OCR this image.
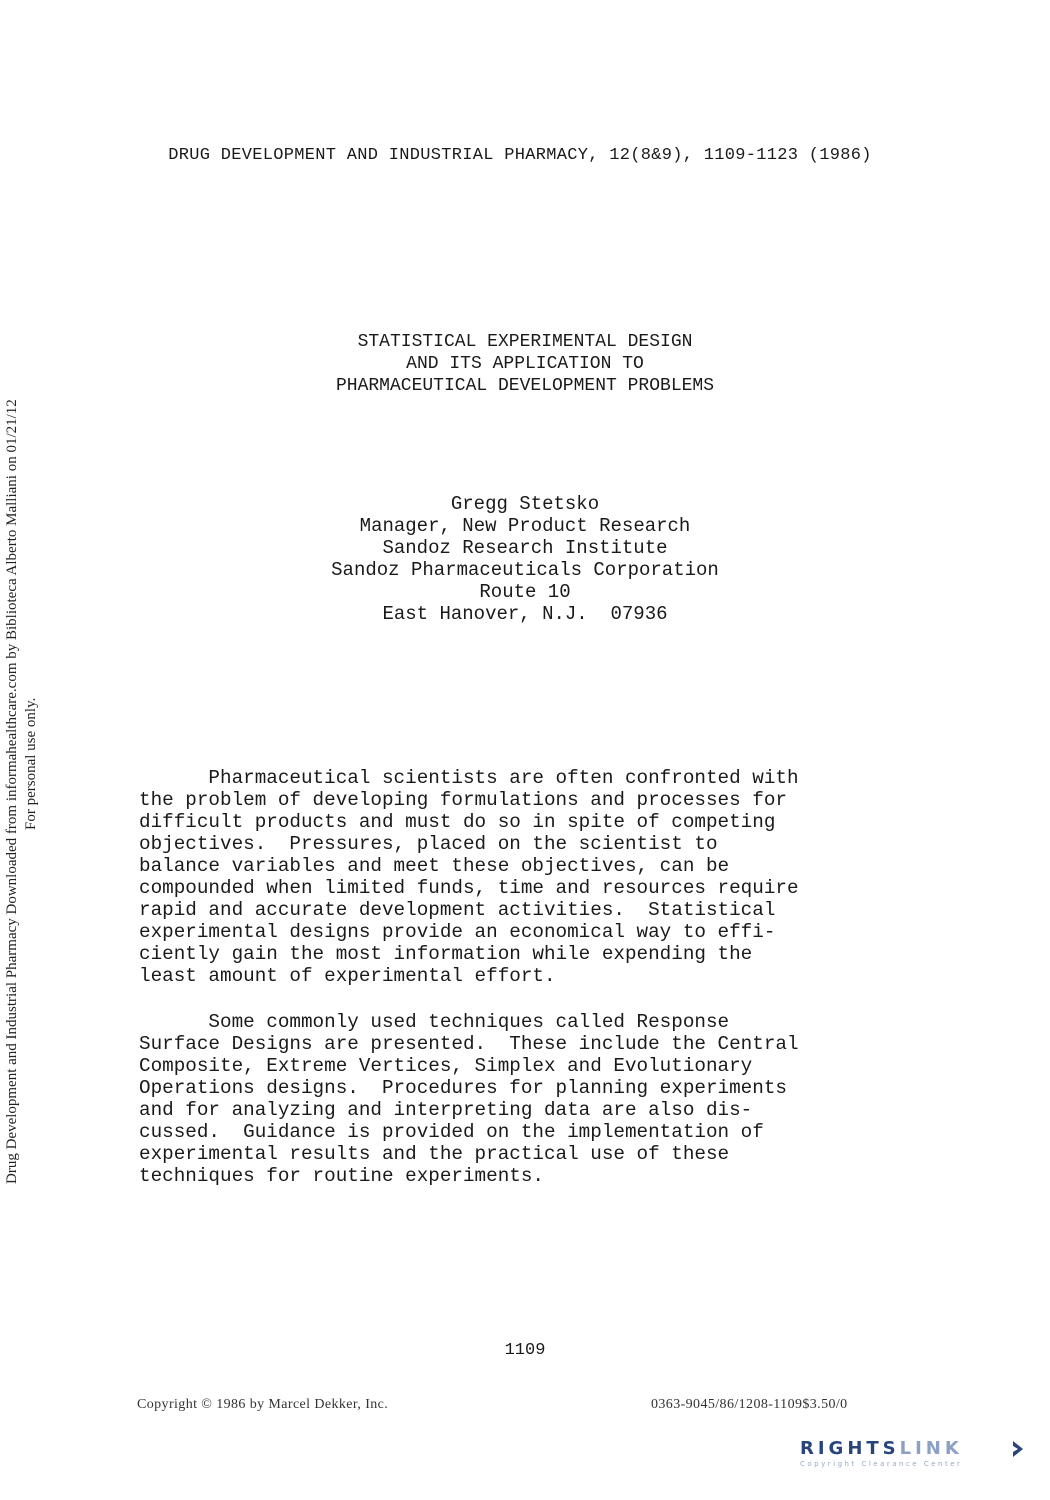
DRUG DEVELOPMENT AND INDUSTRIAL PHARMACY, 12(8&9), 1109-1123 (1986)
STATISTICAL EXPERIMENTAL DESIGN
AND ITS APPLICATION TO
PHARMACEUTICAL DEVELOPMENT PROBLEMS
Gregg Stetsko
Manager, New Product Research
Sandoz Research Institute
Sandoz Pharmaceuticals Corporation
Route 10
East Hanover, N.J.  07936
Pharmaceutical scientists are often confronted with
the problem of developing formulations and processes for
difficult products and must do so in spite of competing
objectives.  Pressures, placed on the scientist to
balance variables and meet these objectives, can be
compounded when limited funds, time and resources require
rapid and accurate development activities.  Statistical
experimental designs provide an economical way to effi-
ciently gain the most information while expending the
least amount of experimental effort.
Some commonly used techniques called Response
Surface Designs are presented.  These include the Central
Composite, Extreme Vertices, Simplex and Evolutionary
Operations designs.  Procedures for planning experiments
and for analyzing and interpreting data are also dis-
cussed.  Guidance is provided on the implementation of
experimental results and the practical use of these
techniques for routine experiments.
1109
Copyright © 1986 by Marcel Dekker, Inc.	0363-9045/86/1208-1109$3.50/0
Drug Development and Industrial Pharmacy Downloaded from informahealthcare.com by Biblioteca Alberto Malliani on 01/21/12 For personal use only.
RIGHTSLINK
Copyright Clearance Center
